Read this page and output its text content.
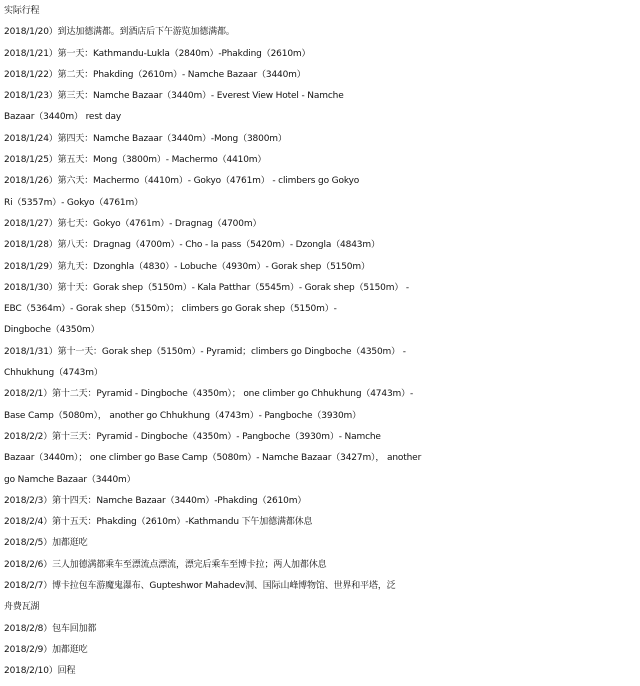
实际行程
2018/1/20）到达加德满都。到酒店后下午游览加德满都。
2018/1/21）第一天：Kathmandu-Lukla（2840m）-Phakding（2610m）
2018/1/22）第二天：Phakding（2610m）- Namche Bazaar（3440m）
2018/1/23）第三天：Namche Bazaar（3440m）- Everest View Hotel - Namche
Bazaar（3440m） rest day
2018/1/24）第四天：Namche Bazaar（3440m）-Mong（3800m）
2018/1/25）第五天：Mong（3800m）- Machermo（4410m）
2018/1/26）第六天：Machermo（4410m）- Gokyo（4761m） - climbers go Gokyo
Ri（5357m）- Gokyo（4761m）
2018/1/27）第七天：Gokyo（4761m）- Dragnag（4700m）
2018/1/28）第八天：Dragnag（4700m）- Cho - la pass（5420m）- Dzongla（4843m）
2018/1/29）第九天：Dzonghla（4830）- Lobuche（4930m）- Gorak shep（5150m）
2018/1/30）第十天：Gorak shep（5150m）- Kala Patthar（5545m）- Gorak shep（5150m） -
EBC（5364m）- Gorak shep（5150m）； climbers go Gorak shep（5150m）-
Dingboche（4350m）
2018/1/31）第十一天：Gorak shep（5150m）- Pyramid；climbers go Dingboche（4350m） -
Chhukhung（4743m）
2018/2/1）第十二天：Pyramid - Dingboche（4350m）； one climber go Chhukhung（4743m）-
Base Camp（5080m）， another go Chhukhung（4743m）- Pangboche（3930m）
2018/2/2）第十三天：Pyramid - Dingboche（4350m）- Pangboche（3930m）- Namche
Bazaar（3440m）； one climber go Base Camp（5080m）- Namche Bazaar（3427m）， another
go Namche Bazaar（3440m）
2018/2/3）第十四天：Namche Bazaar（3440m）-Phakding（2610m）
2018/2/4）第十五天：Phakding（2610m）-Kathmandu 下午加德满都休息
2018/2/5）加都逛吃
2018/2/6）三人加德满都乘车至漂流点漂流，漂完后乘车至博卡拉；两人加都休息
2018/2/7）博卡拉包车游魔鬼瀑布、Gupteshwor Mahadev洞、国际山峰博物馆、世界和平塔，泛
舟费瓦湖
2018/2/8）包车回加都
2018/2/9）加都逛吃
2018/2/10）回程
